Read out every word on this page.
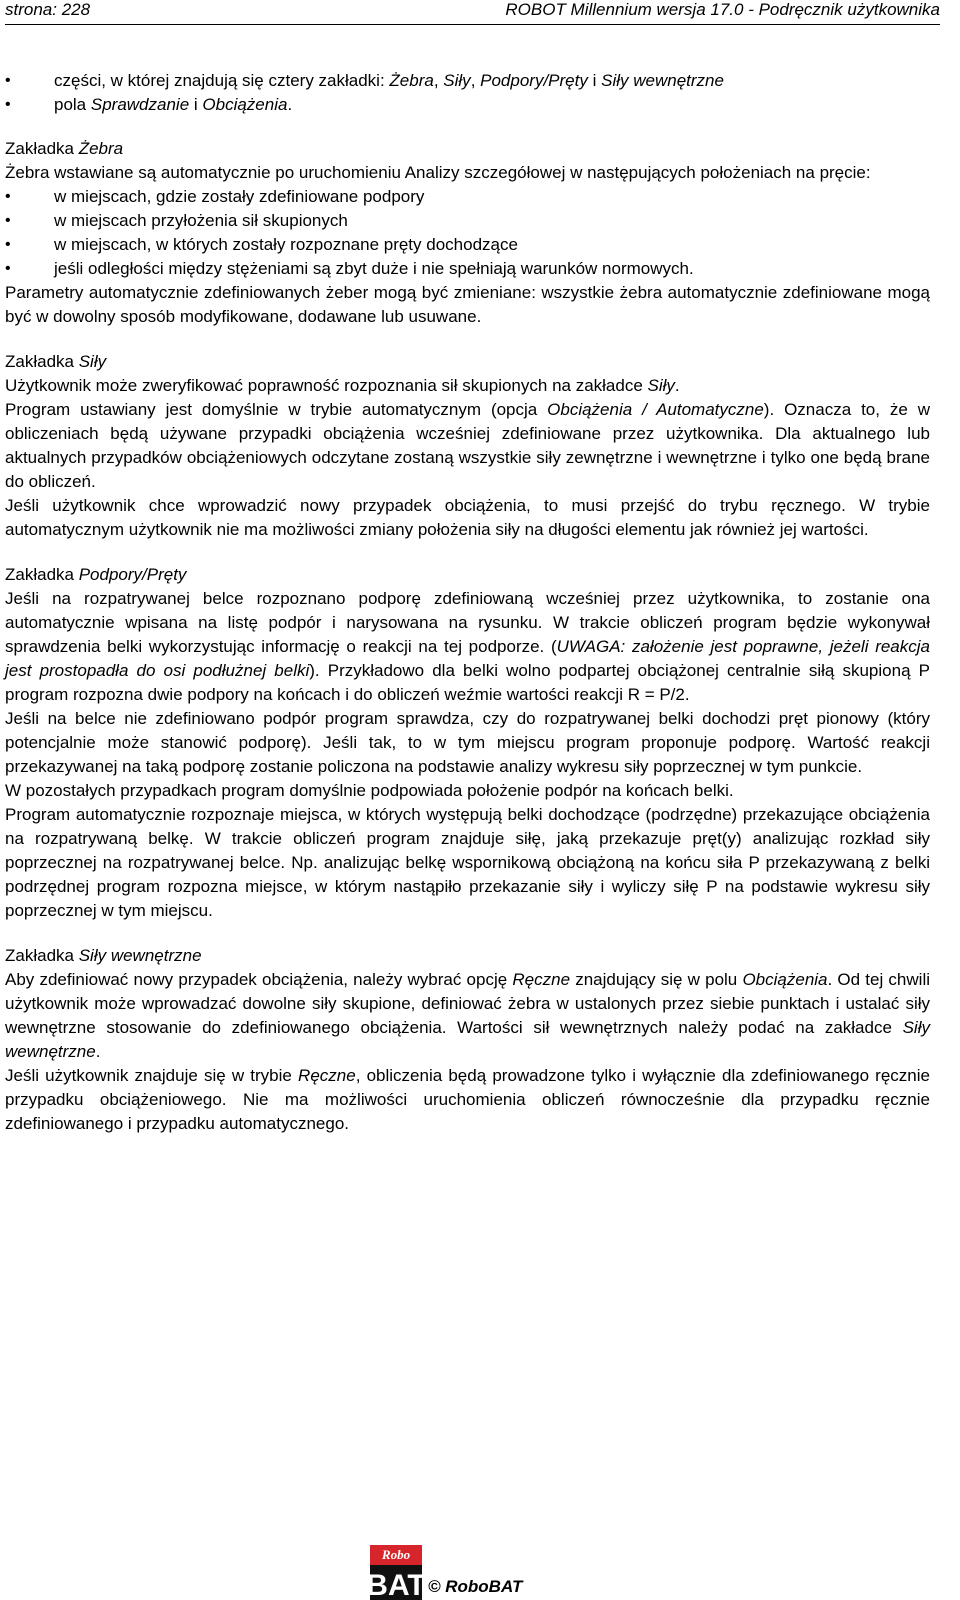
strona: 228	ROBOT Millennium wersja 17.0 - Podręcznik użytkownika
• części, w której znajdują się cztery zakładki: Żebra, Siły, Podpory/Pręty i Siły wewnętrzne
• pola Sprawdzanie i Obciążenia.

Zakładka Żebra

Żebra wstawiane są automatycznie po uruchomieniu Analizy szczegółowej w następujących położeniach na pręcie:

• w miejscach, gdzie zostały zdefiniowane podpory
• w miejscach przyłożenia sił skupionych
• w miejscach, w których zostały rozpoznane pręty dochodzące
• jeśli odległości między stężeniami są zbyt duże i nie spełniają warunków normowych.

Parametry automatycznie zdefiniowanych żeber mogą być zmieniane: wszystkie żebra automatycznie zdefiniowane mogą być w dowolny sposób modyfikowane, dodawane lub usuwane.

Zakładka Siły

Użytkownik może zweryfikować poprawność rozpoznania sił skupionych na zakładce Siły.

Program ustawiany jest domyślnie w trybie automatycznym (opcja Obciążenia / Automatyczne). Oznacza to, że w obliczeniach będą używane przypadki obciążenia wcześniej zdefiniowane przez użytkownika. Dla aktualnego lub aktualnych przypadków obciążeniowych odczytane zostaną wszystkie siły zewnętrzne i wewnętrzne i tylko one będą brane do obliczeń.

Jeśli użytkownik chce wprowadzić nowy przypadek obciążenia, to musi przejść do trybu ręcznego. W trybie automatycznym użytkownik nie ma możliwości zmiany położenia siły na długości elementu jak również jej wartości.

Zakładka Podpory/Pręty

Jeśli na rozpatrywanej belce rozpoznano podporę zdefiniowaną wcześniej przez użytkownika, to zostanie ona automatycznie wpisana na listę podpór i narysowana na rysunku. W trakcie obliczeń program będzie wykonywał sprawdzenia belki wykorzystując informację o reakcji na tej podporze. (UWAGA: założenie jest poprawne, jeżeli reakcja jest prostopadła do osi podłużnej belki). Przykładowo dla belki wolno podpartej obciążonej centralnie siłą skupioną P program rozpozna dwie podpory na końcach i do obliczeń weźmie wartości reakcji R = P/2.

Jeśli na belce nie zdefiniowano podpór program sprawdza, czy do rozpatrywanej belki dochodzi pręt pionowy (który potencjalnie może stanowić podporę). Jeśli tak, to w tym miejscu program proponuje podporę. Wartość reakcji przekazywanej na taką podporę zostanie policzona na podstawie analizy wykresu siły poprzecznej w tym punkcie.

W pozostałych przypadkach program domyślnie podpowiada położenie podpór na końcach belki.

Program automatycznie rozpoznaje miejsca, w których występują belki dochodzące (podrzędne) przekazujące obciążenia na rozpatrywaną belkę. W trakcie obliczeń program znajduje siłę, jaką przekazuje pręt(y) analizując rozkład siły poprzecznej na rozpatrywanej belce. Np. analizując belkę wspornikową obciążoną na końcu siła P przekazywaną z belki podrzędnej program rozpozna miejsce, w którym nastąpiło przekazanie siły i wyliczy siłę P na podstawie wykresu siły poprzecznej w tym miejscu.

Zakładka Siły wewnętrzne

Aby zdefiniować nowy przypadek obciążenia, należy wybrać opcję Ręczne znajdujący się w polu Obciążenia. Od tej chwili użytkownik może wprowadzać dowolne siły skupione, definiować żebra w ustalonych przez siebie punktach i ustalać siły wewnętrzne stosowanie do zdefiniowanego obciążenia. Wartości sił wewnętrznych należy podać na zakładce Siły wewnętrzne.

Jeśli użytkownik znajduje się w trybie Ręczne, obliczenia będą prowadzone tylko i wyłącznie dla zdefiniowanego ręcznie przypadku obciążeniowego. Nie ma możliwości uruchomienia obliczeń równocześnie dla przypadku ręcznie zdefiniowanego i przypadku automatycznego.

Robo
BAT © RoboBAT
